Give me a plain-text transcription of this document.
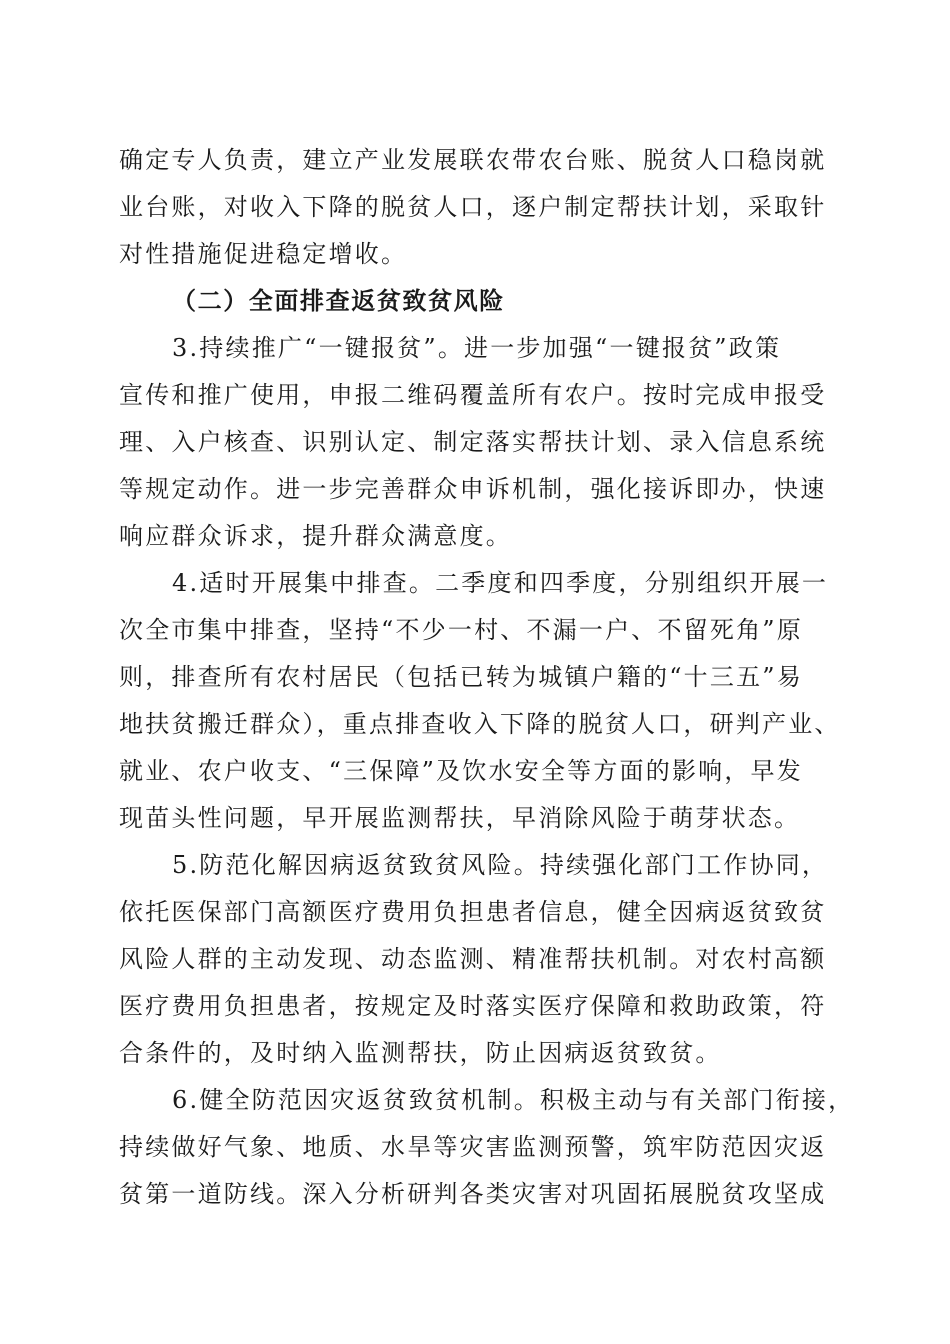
确定专人负责，建立产业发展联农带农台账、脱贫人口稳岗就
业台账，对收入下降的脱贫人口，逐户制定帮扶计划，采取针
对性措施促进稳定增收。
（二）全面排查返贫致贫风险
3.持续推广“一键报贫”。进一步加强“一键报贫”政策
宣传和推广使用，申报二维码覆盖所有农户。按时完成申报受
理、入户核查、识别认定、制定落实帮扶计划、录入信息系统
等规定动作。进一步完善群众申诉机制，强化接诉即办，快速
响应群众诉求，提升群众满意度。
4.适时开展集中排查。二季度和四季度，分别组织开展一
次全市集中排查，坚持“不少一村、不漏一户、不留死角”原
则，排查所有农村居民（包括已转为城镇户籍的“十三五”易
地扶贫搬迁群众），重点排查收入下降的脱贫人口，研判产业、
就业、农户收支、“三保障”及饮水安全等方面的影响，早发
现苗头性问题，早开展监测帮扶，早消除风险于萌芽状态。
5.防范化解因病返贫致贫风险。持续强化部门工作协同，
依托医保部门高额医疗费用负担患者信息，健全因病返贫致贫
风险人群的主动发现、动态监测、精准帮扶机制。对农村高额
医疗费用负担患者，按规定及时落实医疗保障和救助政策，符
合条件的，及时纳入监测帮扶，防止因病返贫致贫。
6.健全防范因灾返贫致贫机制。积极主动与有关部门衔接，
持续做好气象、地质、水旱等灾害监测预警，筑牢防范因灾返
贫第一道防线。深入分析研判各类灾害对巩固拓展脱贫攻坚成
